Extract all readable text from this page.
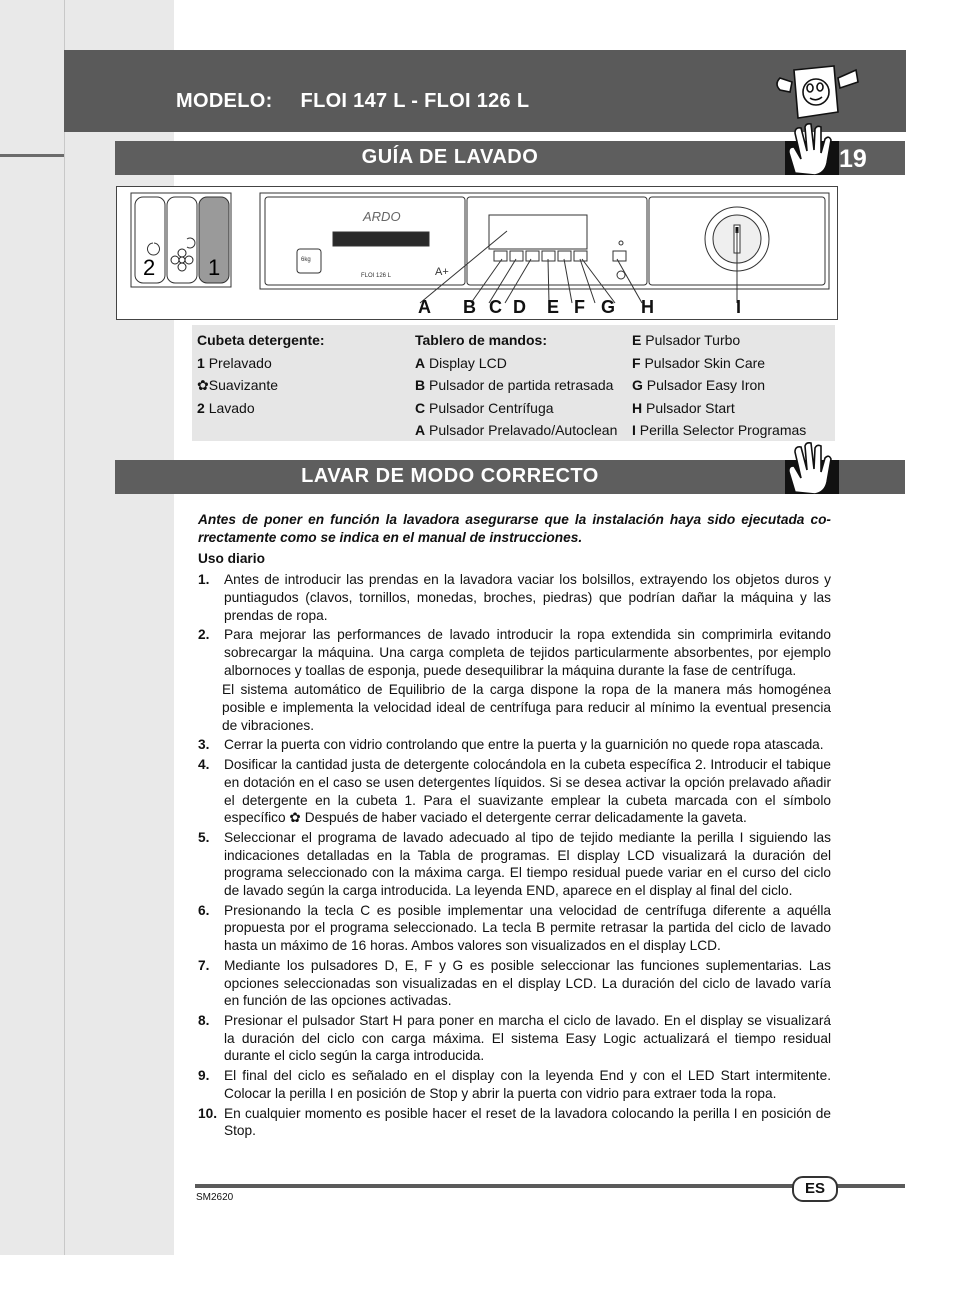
MODELO: FLOI 147 L - FLOI 126 L
GUÍA DE LAVADO	19
2 1
ARDO
FLOI 126 L
6kg
A+
A B C D E F G H	I
Cubeta detergente:
1 Prelavado
✿Suavizante
2 Lavado
Tablero de mandos:
A Display LCD
B Pulsador de partida retrasada
C Pulsador Centrífuga
A Pulsador Prelavado/Autoclean
E Pulsador Turbo
F Pulsador Skin Care
G Pulsador Easy Iron
H Pulsador Start
I Perilla Selector Programas
LAVAR DE MODO CORRECTO
Antes de poner en función la lavadora asegurarse que la instalación haya sido ejecutada co-rrectamente como se indica en el manual de instrucciones.
Uso diario
1. Antes de introducir las prendas en la lavadora vaciar los bolsillos, extrayendo los objetos duros y puntiagudos (clavos, tornillos, monedas, broches, piedras) que podrían dañar la máquina y las prendas de ropa.
2. Para mejorar las performances de lavado introducir la ropa extendida sin comprimirla evitando sobrecargar la máquina. Una carga completa de tejidos particularmente absorbentes, por ejemplo albornoces y toallas de esponja, puede desequilibrar la máquina durante la fase de centrífuga.
El sistema automático de Equilibrio de la carga dispone la ropa de la manera más homogénea posible e implementa la velocidad ideal de centrífuga para reducir al mínimo la eventual presencia de vibraciones.
3. Cerrar la puerta con vidrio controlando que entre la puerta y la guarnición no quede ropa atascada.
4. Dosificar la cantidad justa de detergente colocándola en la cubeta específica 2. Introducir el tabique en dotación en el caso se usen detergentes líquidos. Si se desea activar la opción prelavado añadir el detergente en la cubeta 1. Para el suavizante emplear la cubeta marcada con el símbolo específico ✿ Después de haber vaciado el detergente cerrar delicadamente la gaveta.
5. Seleccionar el programa de lavado adecuado al tipo de tejido mediante la perilla I siguiendo las indicaciones detalladas en la Tabla de programas. El display LCD visualizará la duración del programa seleccionado con la máxima carga. El tiempo residual puede variar en el curso del ciclo de lavado según la carga introducida. La leyenda END, aparece en el display al final del ciclo.
6. Presionando la tecla C es posible implementar una velocidad de centrífuga diferente a aquélla propuesta por el programa seleccionado. La tecla B permite retrasar la partida del ciclo de lavado hasta un máximo de 16 horas. Ambos valores son visualizados en el display LCD.
7. Mediante los pulsadores D, E, F y G es posible seleccionar las funciones suplementarias. Las opciones seleccionadas son visualizadas en el display LCD. La duración del ciclo de lavado varía en función de las opciones activadas.
8. Presionar el pulsador Start H para poner en marcha el ciclo de lavado. En el display se visualizará la duración del ciclo con carga máxima. El sistema Easy Logic actualizará el tiempo residual durante el ciclo según la carga introducida.
9. El final del ciclo es señalado en el display con la leyenda End y con el LED Start intermitente. Colocar la perilla I en posición de Stop y abrir la puerta con vidrio para extraer toda la ropa.
10. En cualquier momento es posible hacer el reset de la lavadora colocando la perilla I en posición de Stop.
ES
SM2620
